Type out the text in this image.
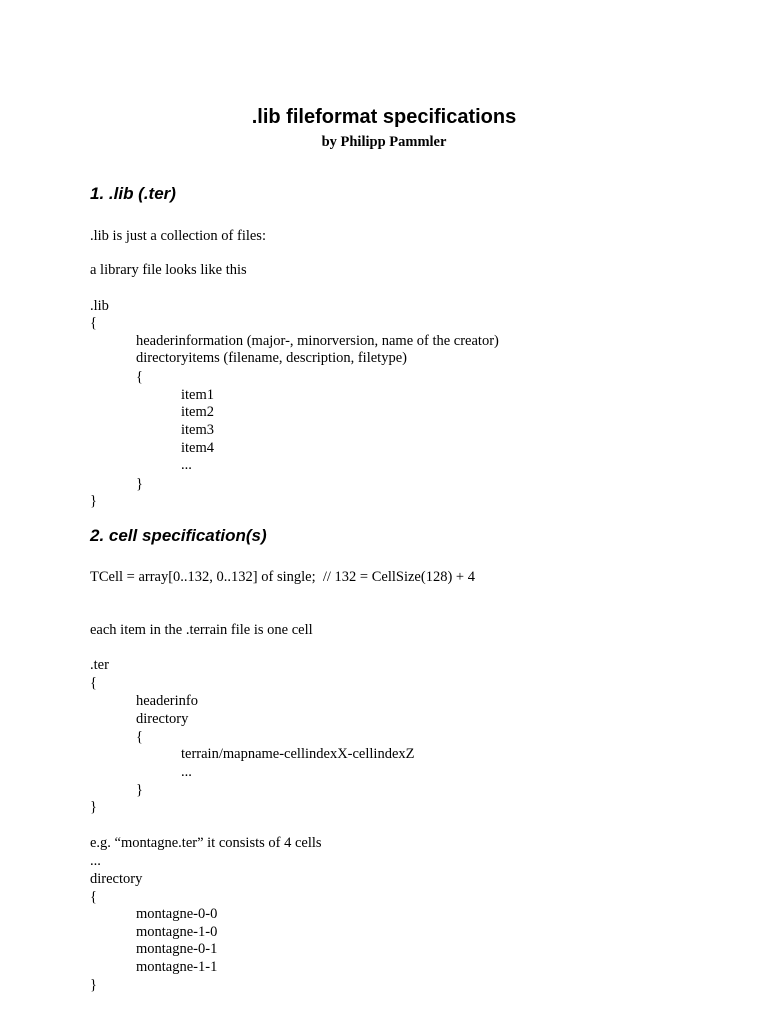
.lib fileformat specifications
by Philipp Pammler
1. .lib (.ter)
.lib is just a collection of files:
a library file looks like this
.lib
{
headerinformation (major-, minorversion, name of the creator)
directoryitems (filename, description, filetype)
{
item1
item2
item3
item4
...
}
}
2. cell specification(s)
TCell = array[0..132, 0..132] of single;  // 132 = CellSize(128) + 4
each item in the .terrain file is one cell
.ter
{
headerinfo
directory
{
terrain/mapname-cellindexX-cellindexZ
...
}
}
e.g. “montagne.ter” it consists of 4 cells
...
directory
{
montagne-0-0
montagne-1-0
montagne-0-1
montagne-1-1
}
